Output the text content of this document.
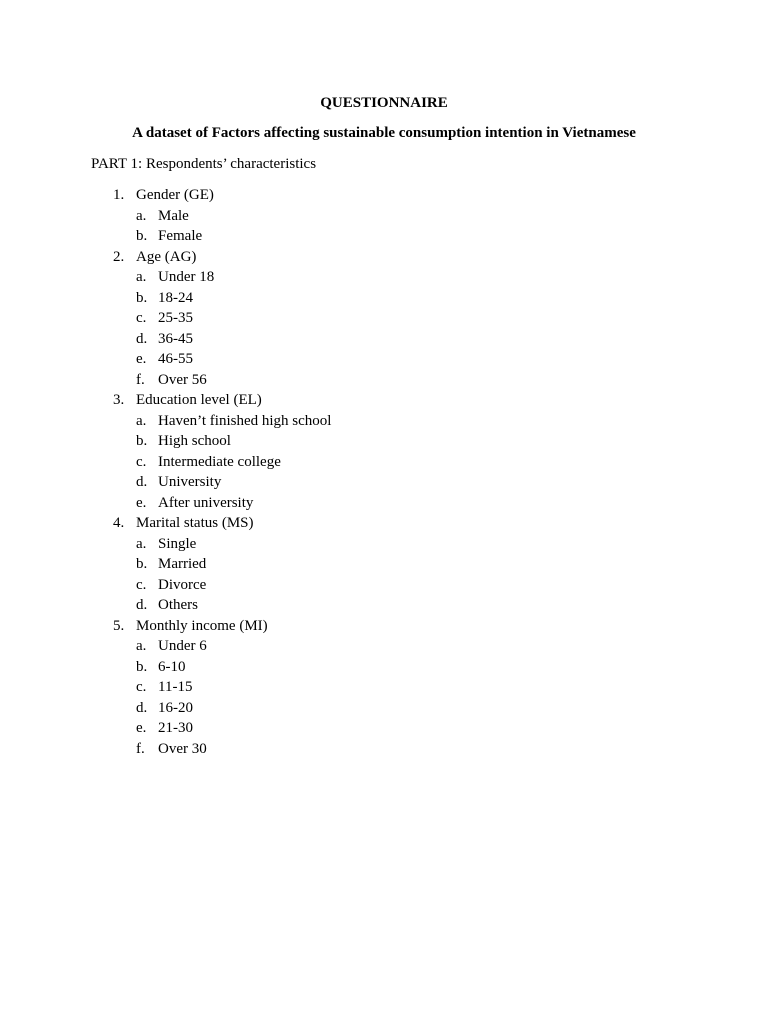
QUESTIONNAIRE
A dataset of Factors affecting sustainable consumption intention in Vietnamese
PART 1: Respondents’ characteristics
1. Gender (GE)
a. Male
b. Female
2. Age (AG)
a. Under 18
b. 18-24
c. 25-35
d. 36-45
e. 46-55
f. Over 56
3. Education level (EL)
a. Haven’t finished high school
b. High school
c. Intermediate college
d. University
e. After university
4. Marital status (MS)
a. Single
b. Married
c. Divorce
d. Others
5. Monthly income (MI)
a. Under 6
b. 6-10
c. 11-15
d. 16-20
e. 21-30
f. Over 30
